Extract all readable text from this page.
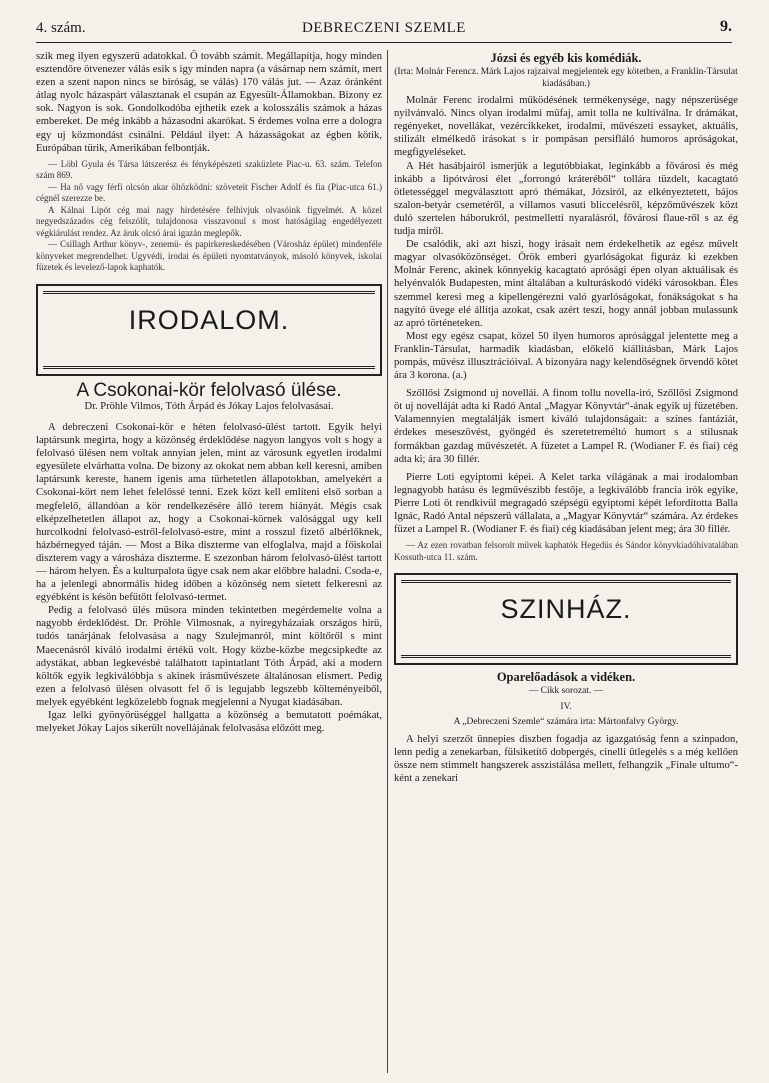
4. szám.	DEBRECZENI SZEMLE	9.

szik meg ilyen egyszerü adatokkal. Ő tovább számít. Megállapítja, hogy minden esztendőre ötvenezer válás esik s igy minden napra (a vásárnap nem számít, mert ezen a szent napon nincs se biróság, se válás) 170 válás jut. — Azaz óránként átlag nyolc házaspárt választanak el csupán az Egyesült-Államokban. Bizony ez sok. Nagyon is sok. Gondolkodóba ejthetik ezek a kolosszális számok a házas embereket. De még inkább a házasodni akarókat. S érdemes volna erre a dologra egy uj közmondást csinálni. Például ilyet: A házasságokat az égben kötik, Európában türik, Amerikában felbontják.

— Löbl Gyula és Társa látszerész és fényképészeti szaküzlete Piac-u. 63. szám. Telefon szám 869.

— Ha nő vagy férfi olcsón akar öltözködni: szöveteit Fischer Adolf és fia (Piac-utca 61.) cégnél szerezze be.

A Kálnai Lipót cég mai nagy hirdetésére felhivjuk olvasóink figyelmét. A közel negyedszázados cég felszólít, tulajdonosa visszavonul s most hatóságilag engedélyezett végkiárulást rendez. Az áruk olcsó árai igazán meglepők.

— Csillagh Arthur könyv-, zenemü- és papirkereskedésében (Városház épület) mindenféle könyveket megrendelhet. Ugyvédi, irodai és épületi nyomtatványok, másoló könyvek, iskolai füzetek és levelező-lapok kaphatók.

IRODALOM.
A Csokonai-kör felolvasó ülése.
Dr. Pröhle Vilmos, Tóth Árpád és Jókay Lajos felolvasásai.

A debreczeni Csokonai-kör e héten felolvasó-ülést tartott. Egyik helyi laptársunk megirta, hogy a közönség érdeklődése nagyon langyos volt s hogy a felolvasó ülésen nem voltak annyian jelen, mint az városunk egyetlen irodalmi egyesülete elvárhatta volna. De bizony az okokat nem abban kell keresni, amiben laptársunk kereste, hanem igenis ama türhetetlen állapotokban, amelyekért a Csokonai-kört nem lehet felelőssé tenni. Ezek közt kell említeni első sorban a megfelelő, állandóan a kör rendelkezésére álló terem hiányát. Mégis csak elképzelhetetlen állapot az, hogy a Csokonai-körnek valósággal ugy kell hurcolkodni felolvasó-estről-felolvasó-estre, mint a rosszul fizető albérlőknek, házbérnegyed táján. — Most a Bika diszterme van elfoglalva, majd a főiskolai diszterem vagy a városháza diszterme. E szezonban három felolvasó-ülést tartott — három helyen. És a kulturpalota ügye csak nem akar előbbre haladni. Csoda-e, ha a jelenlegi abnormális hideg időben a közönség nem sietett felkeresni az egyébként is késön befütött felolvasó-termet.

Pedig a felolvasó ülés műsora minden tekintetben megérdemelte volna a nagyobb érdeklődést. Dr. Pröhle Vilmosnak, a nyiregyházaiak országos hirü, tudós tanárjának felolvasása a nagy Szulejmanról, mint költőről s mint Maecenásról kiváló irodalmi értékü volt. Hogy közbe-közbe megcsipkedte az adystákat, abban legkevésbé találhatott tapintatlant Tóth Árpád, aki a modern költők egyik legkiválóbbja s akinek irásművészete általánosan elismert. Pedig ezen a felolvasó ülésen olvasott fel ő is legujabb legszebb költeményeiből, melyek egyébként legközelebb fognak megjelenni a Nyugat kiadásában.

Igaz lelki gyönyörüséggel hallgatta a közönség a bemutatott poémákat, melyeket Jókay Lajos sikerült novellájának felolvasása előzött meg.

Józsi és egyéb kis komédiák.
(Irta: Molnár Ferencz. Márk Lajos rajzaival megjelentek egy kötetben, a Franklin-Társulat kiadásában.)

Molnár Ferenc irodalmi működésének termékenysége, nagy népszerüsége nyilvánvaló. Nincs olyan irodalmi műfaj, amit tolla ne kultiválna. Ir drámákat, regényeket, novellákat, vezércikkeket, irodalmi, művészeti essayket, aktuális, stilizált elmélkedő irásokat s ir pompásan persifláló humoros apróságokat, megfigyeléseket.

A Hét hasábjairól ismerjük a legutóbbiakat, leginkább a fővárosi és még inkább a lipótvárosi élet „forrongó kráteréből“ tollára tüzdelt, kacagtató ötletességgel megválasztott apró thémákat, Józsiról, az elkényeztetett, bájos szalon-betyár csemetéről, a villamos vasuti bliccelésről, képzőművészek közt duló szertelen háborukról, pestmelletti nyaralásról, fővárosi flaue-ről s az ég tudja miről.

De csalódik, aki azt hiszi, hogy irásait nem érdekelhetik az egész művelt magyar olvasóközönséget. Örök emberi gyarlóságokat figuráz ki ezekben Molnár Ferenc, akinek könnyekig kacagtató aprósági épen olyan aktuálisak és helyénvalók Budapesten, mint általában a kulturáskodó vidéki városokban. Éles szemmel keresi meg a kipellengérezni való gyarlóságokat, fonákságokat s ha nagyító üvege elé állítja azokat, csak azért teszi, hogy annál jobban mulassunk az apró történeteken.

Most egy egész csapat, közel 50 ilyen humoros aprósággal jelentette meg a Franklin-Társulat, harmadik kiadásban, előkelő kiállításban, Márk Lajos pompás, művész illusztrációival. A bizonyára nagy kelendőségnek örvendő kötet ára 3 korona. (a.)

Szőllősi Zsigmond uj novellái. A finom tollu novella-iró, Szőllősi Zsigmond öt uj novelláját adta ki Radó Antal „Magyar Könyvtár“-ának egyik uj füzetében. Valamennyien megtalálják ismert kiváló tulajdonságait: a színes fantáziát, érdekes meseszövést, gyöngéd és szeretetreméltó humort s a stilusnak formákban gazdag művészetét. A füzetet a Lampel R. (Wodianer F. és fiai) cég adta ki; ára 30 fillér.

Pierre Loti egyiptomi képei. A Kelet tarka világának a mai irodalomban legnagyobb hatásu és legművészibb festője, a legkiválóbb francia irók egyike, Pierre Loti öt rendkivül megragadó szépségü egyiptomi képét lefordította Balla Ignác, Radó Antal népszerü vállalata, a „Magyar Könyvtár“ számára. Az érdekes füzet a Lampel R. (Wodianer F. és fiai) cég kiadásában jelent meg; ára 30 fillér.

— Az ezen rovatban felsorolt müvek kaphatók Hegedüs és Sándor könyvkiadóhivatalában Kossuth-utca 11. szám.

SZINHÁZ.
Oparelőadások a vidéken.
— Cikk sorozat. —
IV.
A „Debreczeni Szemle“ számára irta: Mártonfalvy György.

A helyi szerzőt ünnepies diszben fogadja az igazgatóság fenn a szinpadon, lenn pedig a zenekarban, fülsiketítő dobpergés, cinelli ütlegelés s a még kellően össze nem stimmelt hangszerek asszistálása mellett, felhangzik „Finale ultumo“-ként a zenekari
